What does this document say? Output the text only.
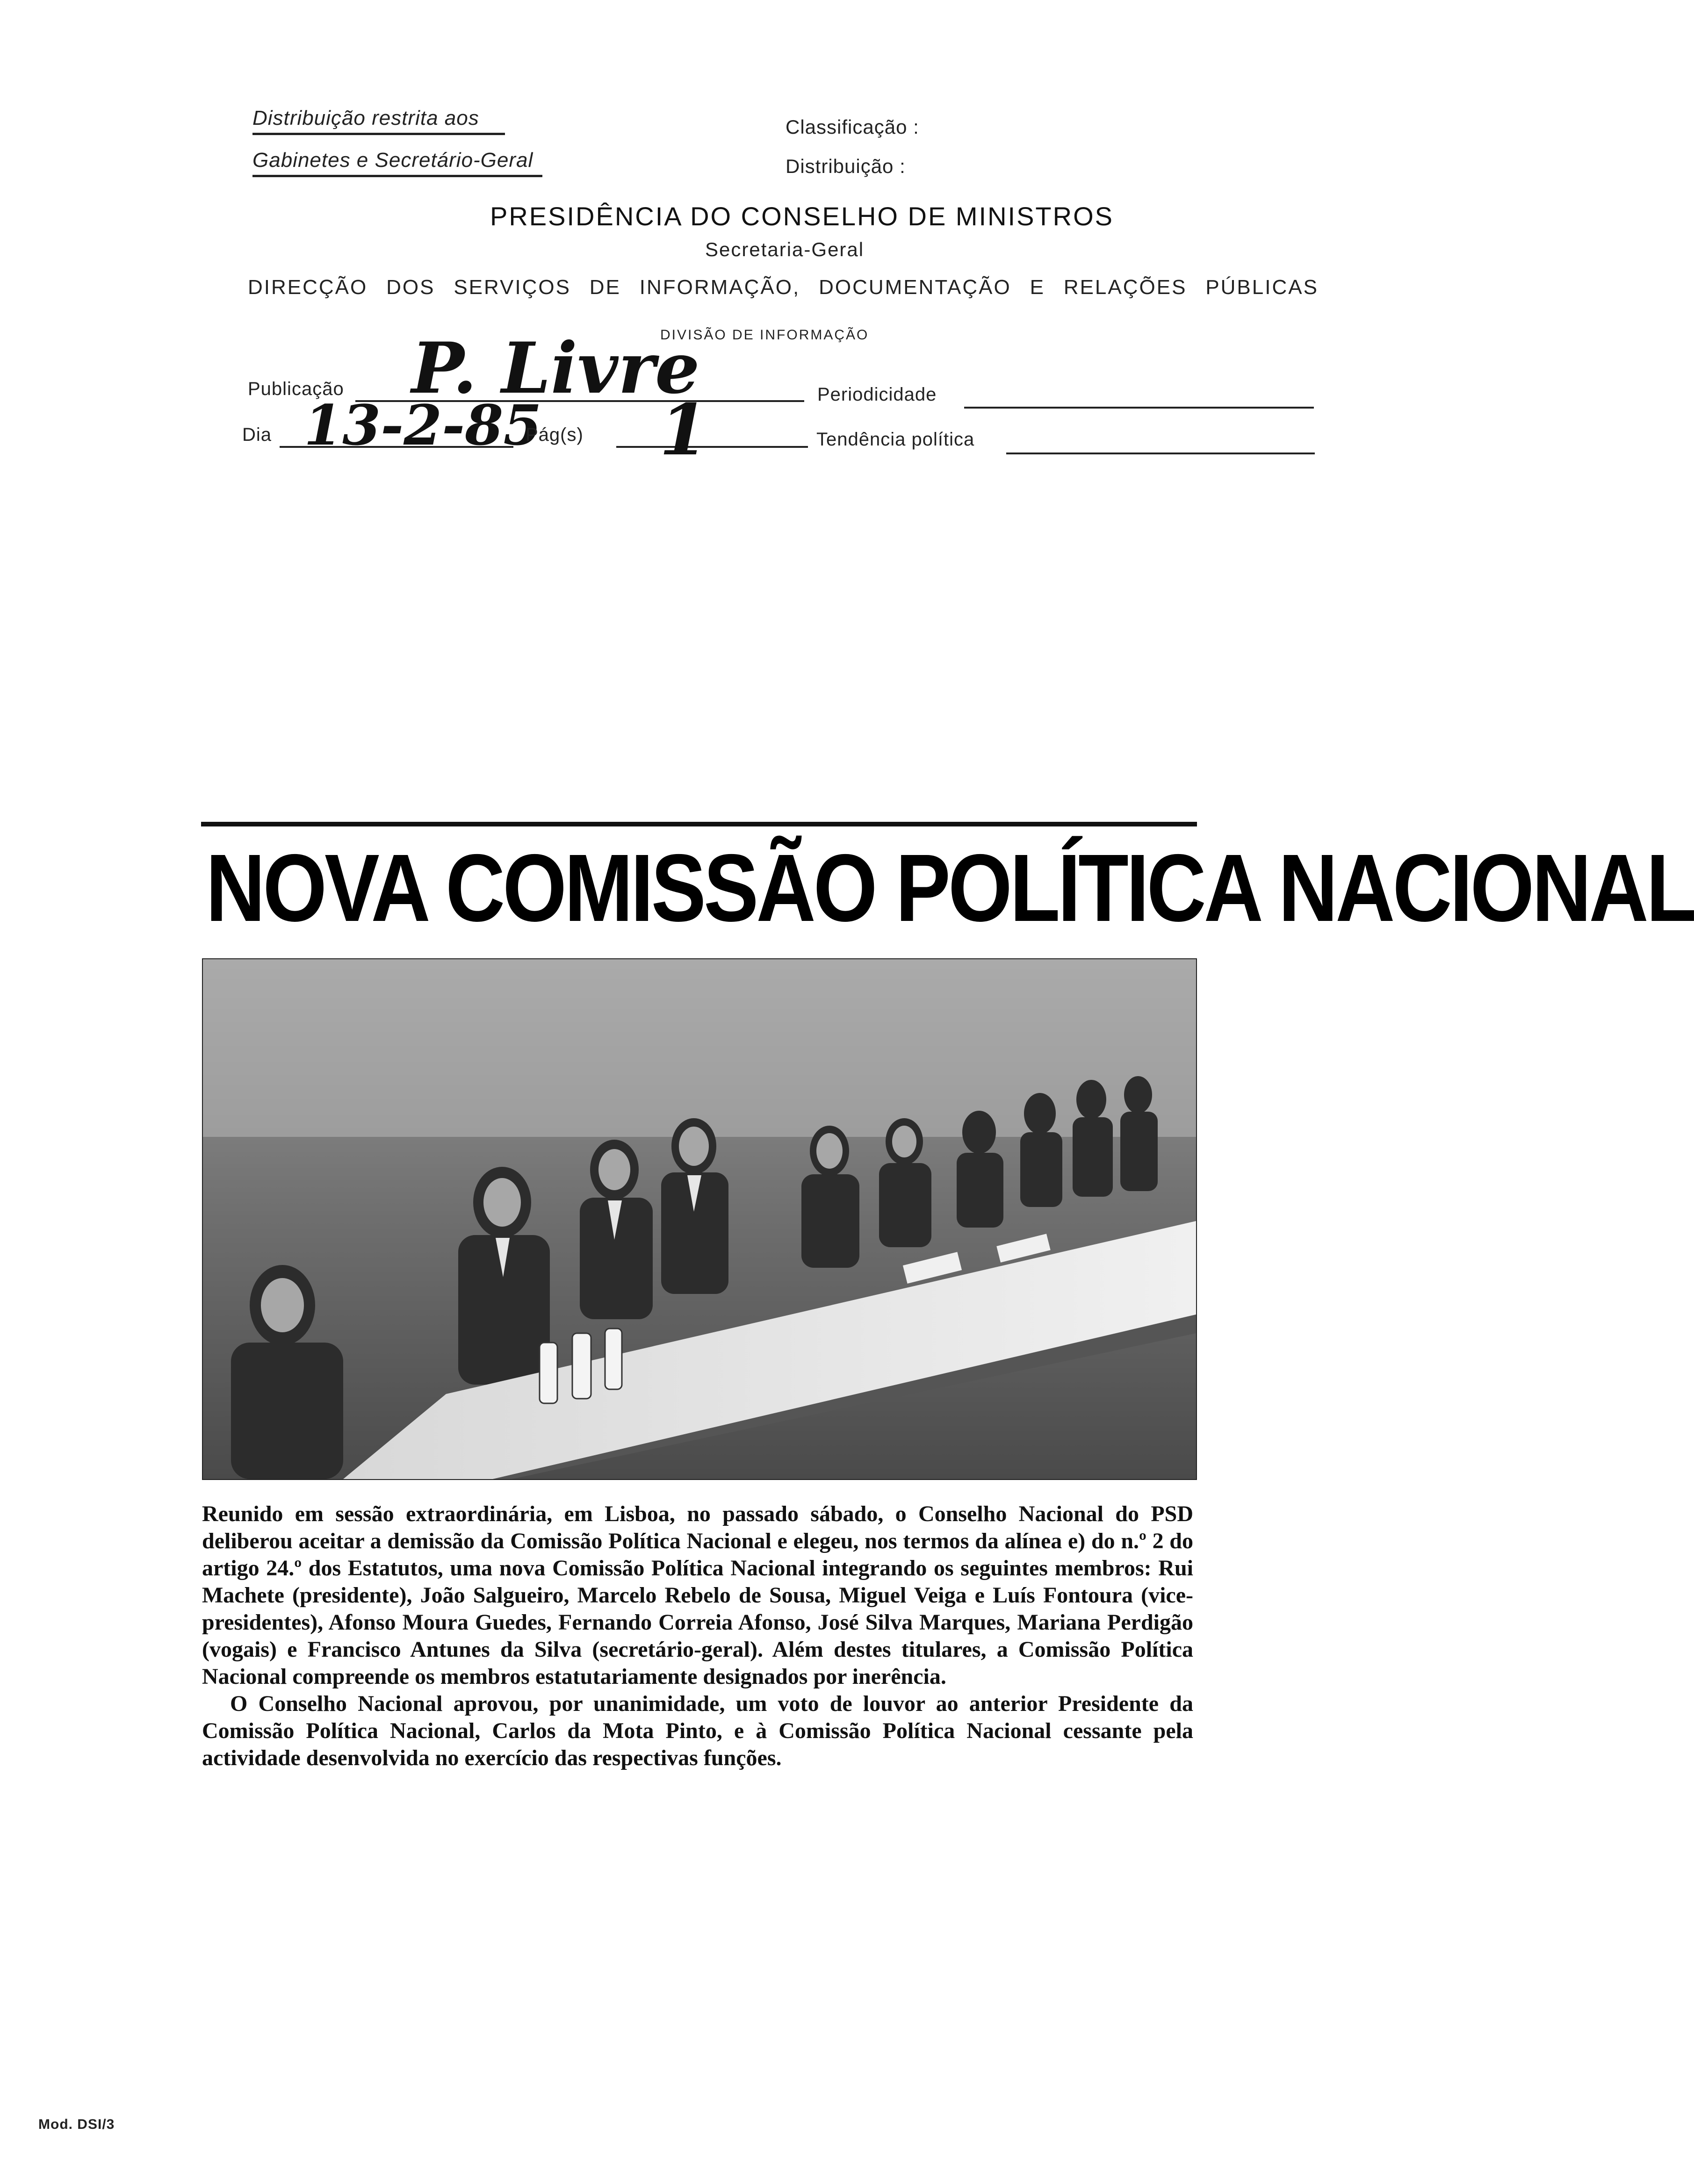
Distribuição restrita aos
Gabinetes e Secretário-Geral
Classificação :
Distribuição :
PRESIDÊNCIA DO CONSELHO DE MINISTROS
Secretaria-Geral
DIRECÇÃO DOS SERVIÇOS DE INFORMAÇÃO, DOCUMENTAÇÃO E RELAÇÕES PÚBLICAS
DIVISÃO DE INFORMAÇÃO
Publicação P. Livre
Dia 13-2-85
Pág(s) 1	Periodicidade
Tendência política
NOVA COMISSÃO POLÍTICA NACIONAL

Reunido em sessão extraordinária, em Lisboa, no passado sábado, o Conselho Nacional do PSD deliberou aceitar a demissão da Comissão Política Nacional e elegeu, nos termos da alínea e) do n.º 2 do artigo 24.º dos Estatutos, uma nova Comissão Política Nacional integrando os seguintes membros: Rui Machete (presidente), João Salgueiro, Marcelo Rebelo de Sousa, Miguel Veiga e Luís Fontoura (vice-presidentes), Afonso Moura Guedes, Fernando Correia Afonso, José Silva Marques, Mariana Perdigão (vogais) e Francisco Antunes da Silva (secretário-geral). Além destes titulares, a Comissão Política Nacional compreende os membros estatutariamente designados por inerência.

O Conselho Nacional aprovou, por unanimidade, um voto de louvor ao anterior Presidente da Comissão Política Nacional, Carlos da Mota Pinto, e à Comissão Política Nacional cessante pela actividade desenvolvida no exercício das respectivas funções.

Mod. DSI/3
